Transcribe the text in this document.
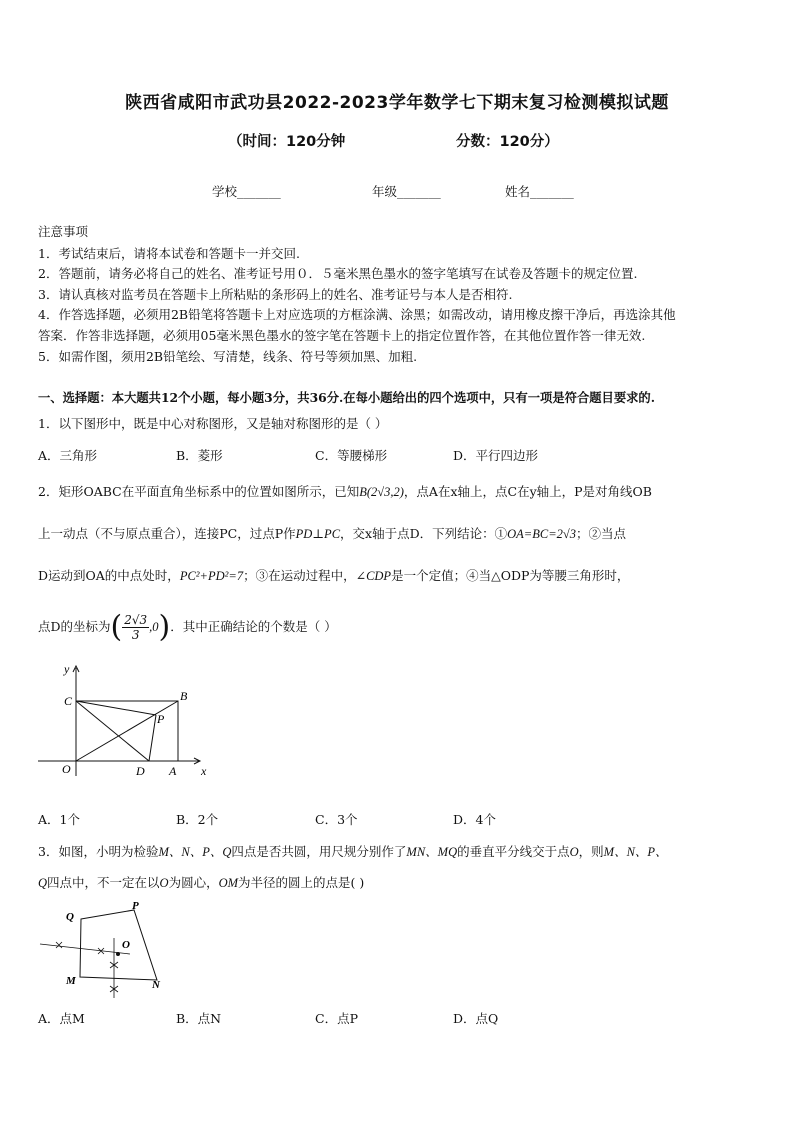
陕西省咸阳市武功县2022-2023学年数学七下期末复习检测模拟试题
（时间：120分钟	分数：120分）
学校_______	年级_______	姓名_______
注意事项
1．考试结束后，请将本试卷和答题卡一并交回.
2．答题前，请务必将自己的姓名、准考证号用０．５毫米黑色墨水的签字笔填写在试卷及答题卡的规定位置.
3．请认真核对监考员在答题卡上所粘贴的条形码上的姓名、准考证号与本人是否相符.
4．作答选择题，必须用2B铅笔将答题卡上对应选项的方框涂满、涂黑；如需改动，请用橡皮擦干净后，再选涂其他
答案．作答非选择题，必须用05毫米黑色墨水的签字笔在答题卡上的指定位置作答，在其他位置作答一律无效.
5．如需作图，须用2B铅笔绘、写清楚，线条、符号等须加黑、加粗.
一、选择题：本大题共12个小题，每小题3分，共36分.在每小题给出的四个选项中，只有一项是符合题目要求的.
1．以下图形中，既是中心对称图形，又是轴对称图形的是（ ）
A．三角形	B．菱形	C．等腰梯形	D．平行四边形
2．矩形OABC在平面直角坐标系中的位置如图所示，已知B(2√3,2)，点A在x轴上，点C在y轴上，P是对角线OB
上一动点（不与原点重合），连接PC，过点P作PD⊥PC，交x轴于点D．下列结论：①OA=BC=2√3；②当点
D运动到OA的中点处时，PC²+PD²=7；③在运动过程中，∠CDP是一个定值；④当△ODP为等腰三角形时，
点D的坐标为( $\frac{2√3}{3} ,0$)．其中正确结论的个数是（ ）
y
C	B
P
O	D A x
A．1个	B．2个	C．3个	D．4个
3．如图，小明为检验M、N、P、Q四点是否共圆，用尺规分别作了MN、MQ的垂直平分线交于点O，则M、N、P、
Q四点中，不一定在以O为圆心，OM为半径的圆上的点是( )
Q
P
O
M	N
A．点M	B．点N	C．点P	D．点Q
